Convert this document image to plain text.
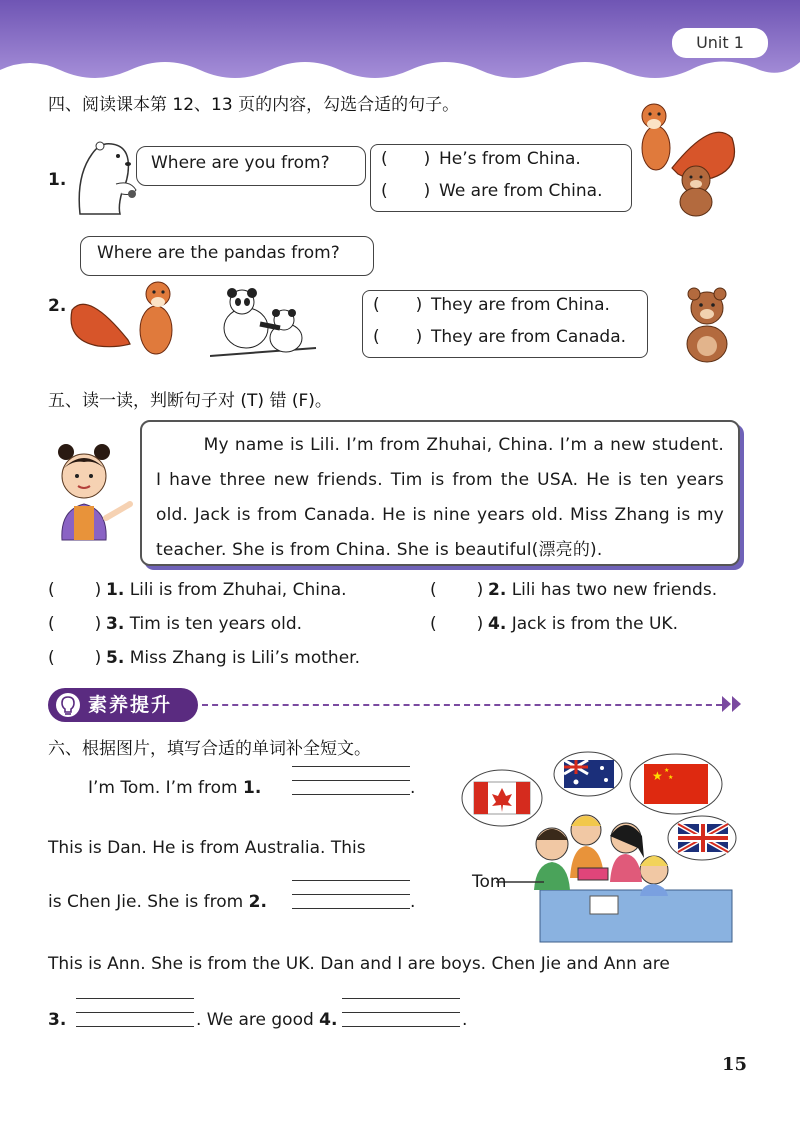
Unit 1
四、阅读课本第 12、13 页的内容，勾选合适的句子。
1.
Where are you from?	( ) He’s from China.
( ) We are from China.
Where are the pandas from?
2.	( ) They are from China.
( ) They are from Canada.
五、读一读，判断句子对 (T) 错 (F)。

My name is Lili. I’m from Zhuhai, China. I’m a new student. I have three new friends. Tim is from the USA. He is ten years old. Jack is from Canada. He is nine years old. Miss Zhang is my teacher. She is from China. She is beautiful(漂亮的).

( ) 1. Lili is from Zhuhai, China.	( ) 2. Lili has two new friends.
( ) 3. Tim is ten years old.	( ) 4. Jack is from the UK.
( ) 5. Miss Zhang is Lili’s mother.
素养提升
六、根据图片，填写合适的单词补全短文。
I’m Tom. I’m from 1.	.
This is Dan. He is from Australia. This
is Chen Jie. She is from 2.	.
This is Ann. She is from the UK. Dan and I are boys. Chen Jie and Ann are
3.	. We are good 4.	.
★ ★
★
Tom
15
